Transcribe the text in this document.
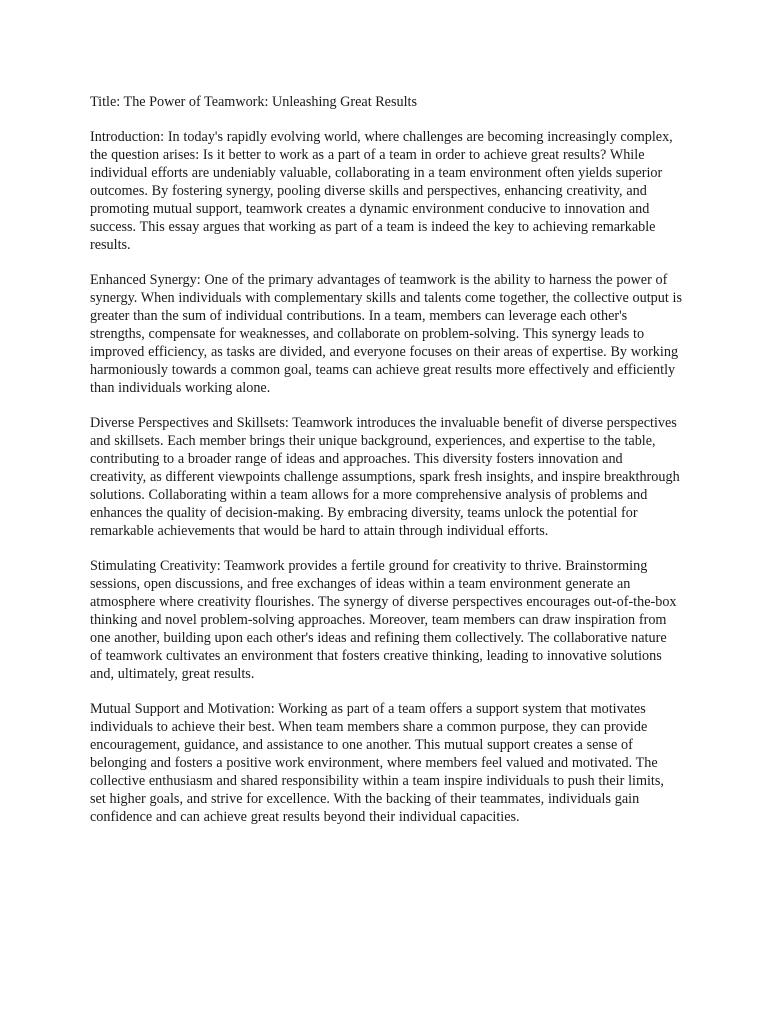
Title: The Power of Teamwork: Unleashing Great Results

Introduction: In today's rapidly evolving world, where challenges are becoming increasingly complex, the question arises: Is it better to work as a part of a team in order to achieve great results? While individual efforts are undeniably valuable, collaborating in a team environment often yields superior outcomes. By fostering synergy, pooling diverse skills and perspectives, enhancing creativity, and promoting mutual support, teamwork creates a dynamic environment conducive to innovation and success. This essay argues that working as part of a team is indeed the key to achieving remarkable results.

Enhanced Synergy: One of the primary advantages of teamwork is the ability to harness the power of synergy. When individuals with complementary skills and talents come together, the collective output is greater than the sum of individual contributions. In a team, members can leverage each other's strengths, compensate for weaknesses, and collaborate on problem-solving. This synergy leads to improved efficiency, as tasks are divided, and everyone focuses on their areas of expertise. By working harmoniously towards a common goal, teams can achieve great results more effectively and efficiently than individuals working alone.

Diverse Perspectives and Skillsets: Teamwork introduces the invaluable benefit of diverse perspectives and skillsets. Each member brings their unique background, experiences, and expertise to the table, contributing to a broader range of ideas and approaches. This diversity fosters innovation and creativity, as different viewpoints challenge assumptions, spark fresh insights, and inspire breakthrough solutions. Collaborating within a team allows for a more comprehensive analysis of problems and enhances the quality of decision-making. By embracing diversity, teams unlock the potential for remarkable achievements that would be hard to attain through individual efforts.

Stimulating Creativity: Teamwork provides a fertile ground for creativity to thrive. Brainstorming sessions, open discussions, and free exchanges of ideas within a team environment generate an atmosphere where creativity flourishes. The synergy of diverse perspectives encourages out-of-the-box thinking and novel problem-solving approaches. Moreover, team members can draw inspiration from one another, building upon each other's ideas and refining them collectively. The collaborative nature of teamwork cultivates an environment that fosters creative thinking, leading to innovative solutions and, ultimately, great results.

Mutual Support and Motivation: Working as part of a team offers a support system that motivates individuals to achieve their best. When team members share a common purpose, they can provide encouragement, guidance, and assistance to one another. This mutual support creates a sense of belonging and fosters a positive work environment, where members feel valued and motivated. The collective enthusiasm and shared responsibility within a team inspire individuals to push their limits, set higher goals, and strive for excellence. With the backing of their teammates, individuals gain confidence and can achieve great results beyond their individual capacities.
